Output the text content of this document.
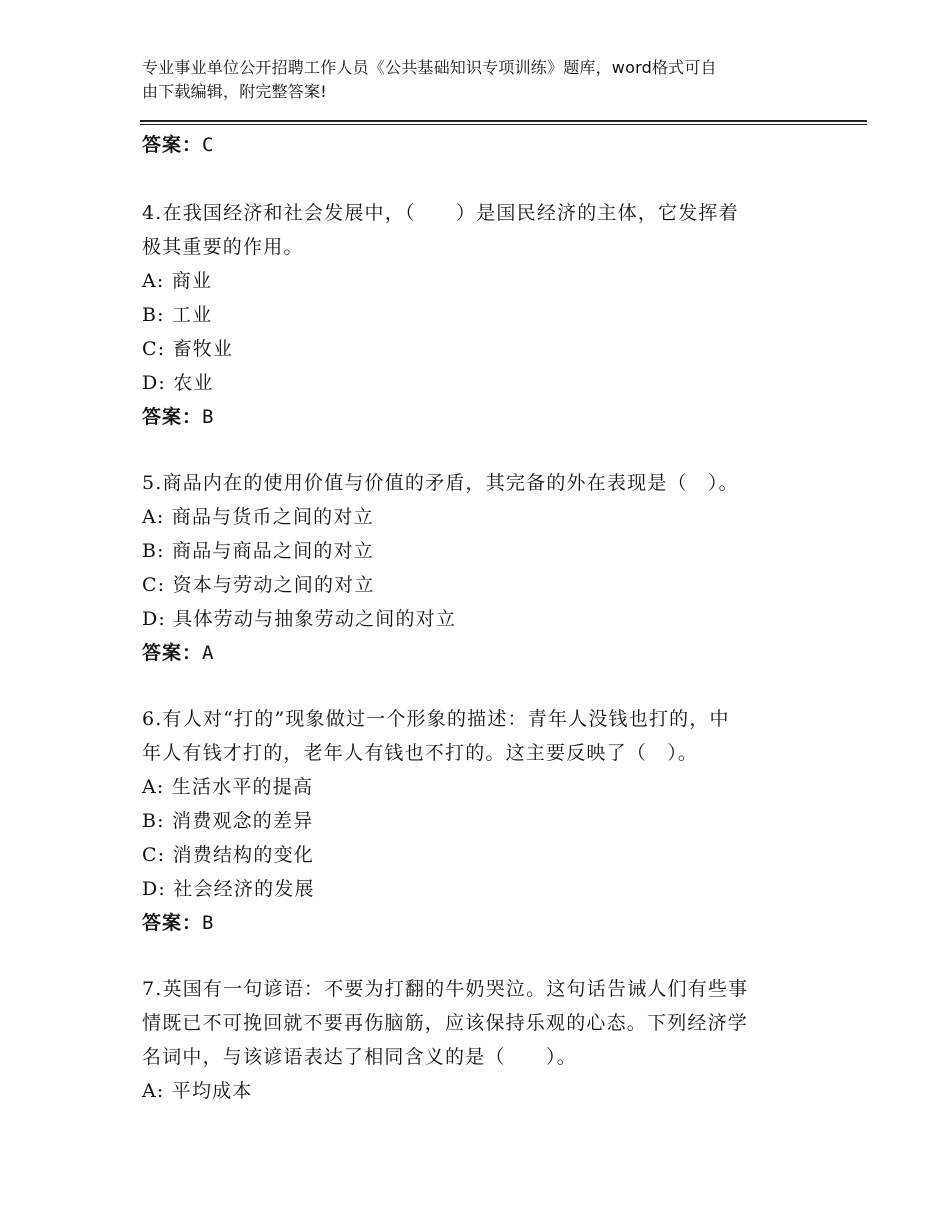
专业事业单位公开招聘工作人员《公共基础知识专项训练》题库，word格式可自
由下载编辑，附完整答案!
答案：C
4.在我国经济和社会发展中，（　　）是国民经济的主体，它发挥着
极其重要的作用。
A: 商业
B: 工业
C: 畜牧业
D: 农业
答案：B
5.商品内在的使用价值与价值的矛盾，其完备的外在表现是（　）。
A: 商品与货币之间的对立
B: 商品与商品之间的对立
C: 资本与劳动之间的对立
D: 具体劳动与抽象劳动之间的对立
答案：A
6.有人对“打的”现象做过一个形象的描述：青年人没钱也打的，中
年人有钱才打的，老年人有钱也不打的。这主要反映了（　）。
A: 生活水平的提高
B: 消费观念的差异
C: 消费结构的变化
D: 社会经济的发展
答案：B
7.英国有一句谚语：不要为打翻的牛奶哭泣。这句话告诫人们有些事
情既已不可挽回就不要再伤脑筋，应该保持乐观的心态。下列经济学
名词中，与该谚语表达了相同含义的是（　　）。
A: 平均成本
